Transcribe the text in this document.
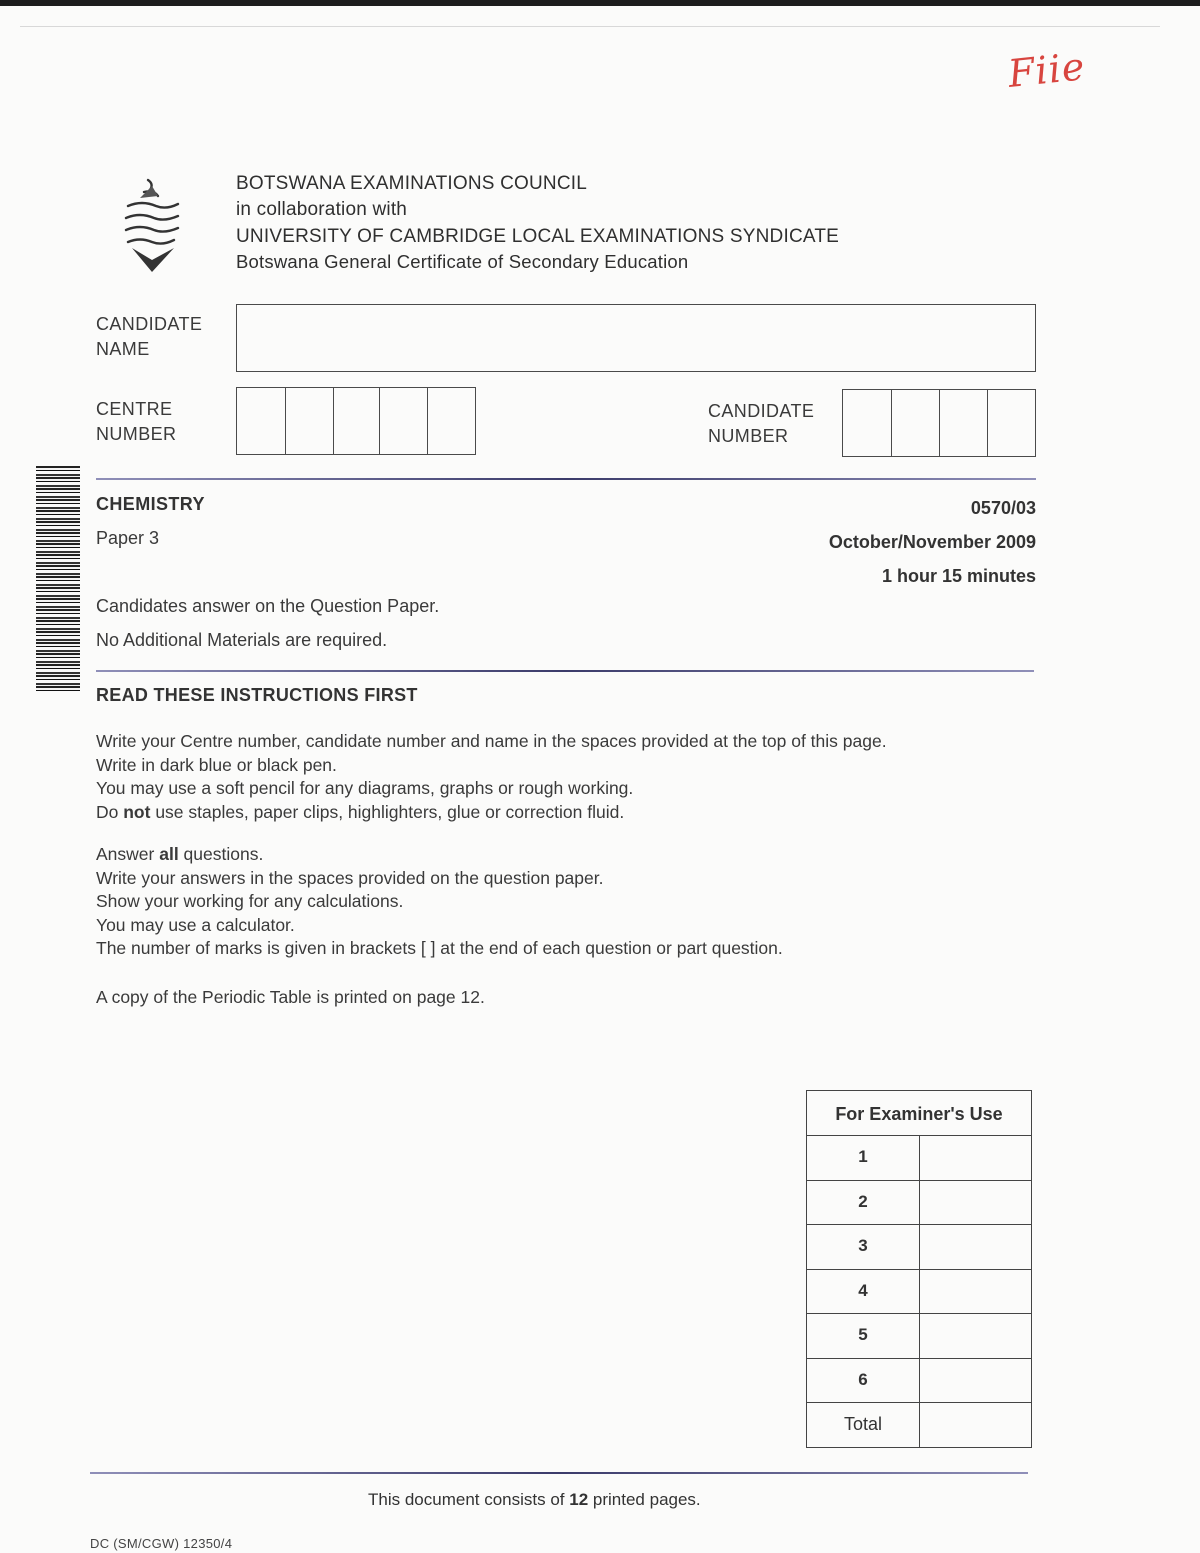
Fiie
BOTSWANA EXAMINATIONS COUNCIL
in collaboration with
UNIVERSITY OF CAMBRIDGE LOCAL EXAMINATIONS SYNDICATE
Botswana General Certificate of Secondary Education
CANDIDATE
NAME
CENTRE
NUMBER
CANDIDATE
NUMBER
CHEMISTRY
Paper 3
0570/03
October/November 2009
1 hour 15 minutes
Candidates answer on the Question Paper.
No Additional Materials are required.
READ THESE INSTRUCTIONS FIRST
Write your Centre number, candidate number and name in the spaces provided at the top of this page.
Write in dark blue or black pen.
You may use a soft pencil for any diagrams, graphs or rough working.
Do not use staples, paper clips, highlighters, glue or correction fluid.
Answer all questions.
Write your answers in the spaces provided on the question paper.
Show your working for any calculations.
You may use a calculator.
The number of marks is given in brackets [ ] at the end of each question or part question.
A copy of the Periodic Table is printed on page 12.
For Examiner's Use
1
2
3
4
5
6
Total
This document consists of 12 printed pages.
DC (SM/CGW) 12350/4
